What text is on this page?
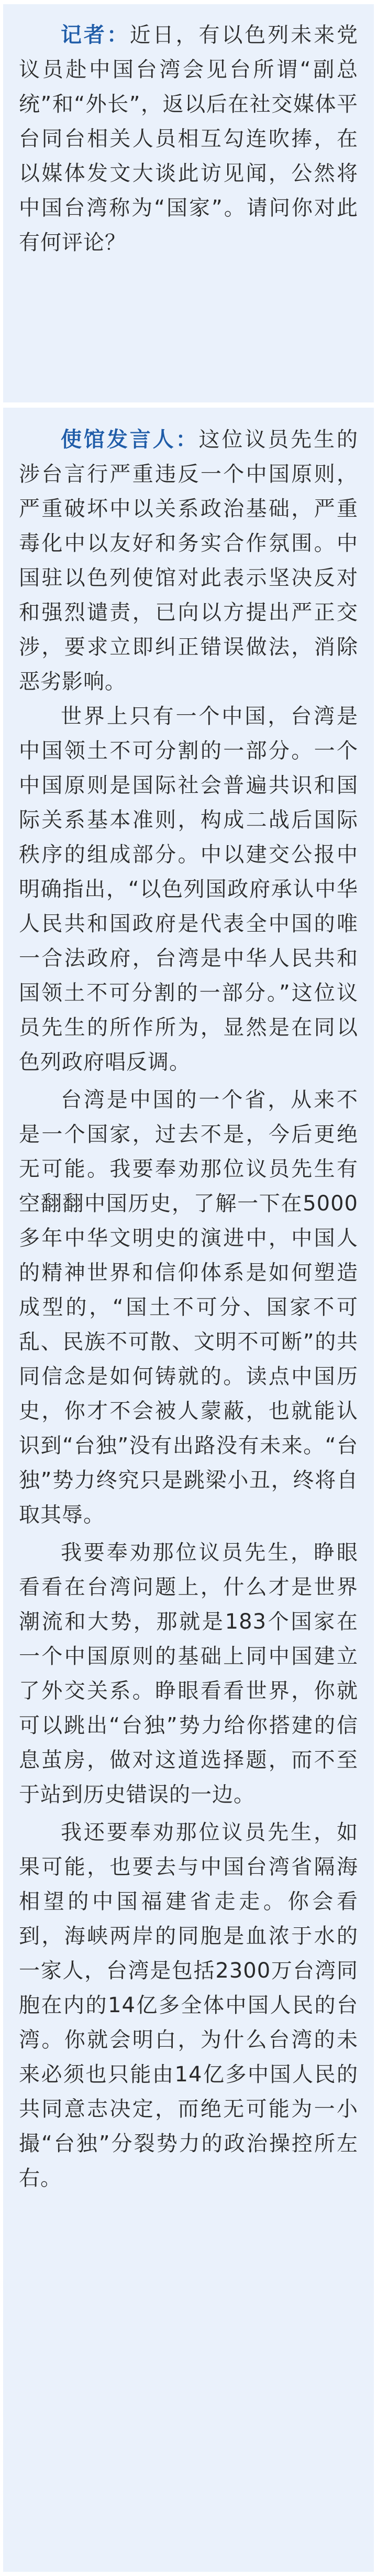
记者：近日，有以色列未来党议员赴中国台湾会见台所谓“副总统”和“外长”，返以后在社交媒体平台同台相关人员相互勾连吹捧，在以媒体发文大谈此访见闻，公然将中国台湾称为“国家”。请问你对此有何评论？

使馆发言人：这位议员先生的涉台言行严重违反一个中国原则，严重破坏中以关系政治基础，严重毒化中以友好和务实合作氛围。中国驻以色列使馆对此表示坚决反对和强烈谴责，已向以方提出严正交涉，要求立即纠正错误做法，消除恶劣影响。

世界上只有一个中国，台湾是中国领土不可分割的一部分。一个中国原则是国际社会普遍共识和国际关系基本准则，构成二战后国际秩序的组成部分。中以建交公报中明确指出，“以色列国政府承认中华人民共和国政府是代表全中国的唯一合法政府，台湾是中华人民共和国领土不可分割的一部分。”这位议员先生的所作所为，显然是在同以色列政府唱反调。

台湾是中国的一个省，从来不是一个国家，过去不是，今后更绝无可能。我要奉劝那位议员先生有空翻翻中国历史，了解一下在5000多年中华文明史的演进中，中国人的精神世界和信仰体系是如何塑造成型的，“国土不可分、国家不可乱、民族不可散、文明不可断”的共同信念是如何铸就的。读点中国历史，你才不会被人蒙蔽，也就能认识到“台独”没有出路没有未来。“台独”势力终究只是跳梁小丑，终将自取其辱。

我要奉劝那位议员先生，睁眼看看在台湾问题上，什么才是世界潮流和大势，那就是183个国家在一个中国原则的基础上同中国建立了外交关系。睁眼看看世界，你就可以跳出“台独”势力给你搭建的信息茧房，做对这道选择题，而不至于站到历史错误的一边。

我还要奉劝那位议员先生，如果可能，也要去与中国台湾省隔海相望的中国福建省走走。你会看到，海峡两岸的同胞是血浓于水的一家人，台湾是包括2300万台湾同胞在内的14亿多全体中国人民的台湾。你就会明白，为什么台湾的未来必须也只能由14亿多中国人民的共同意志决定，而绝无可能为一小撮“台独”分裂势力的政治操控所左右。
